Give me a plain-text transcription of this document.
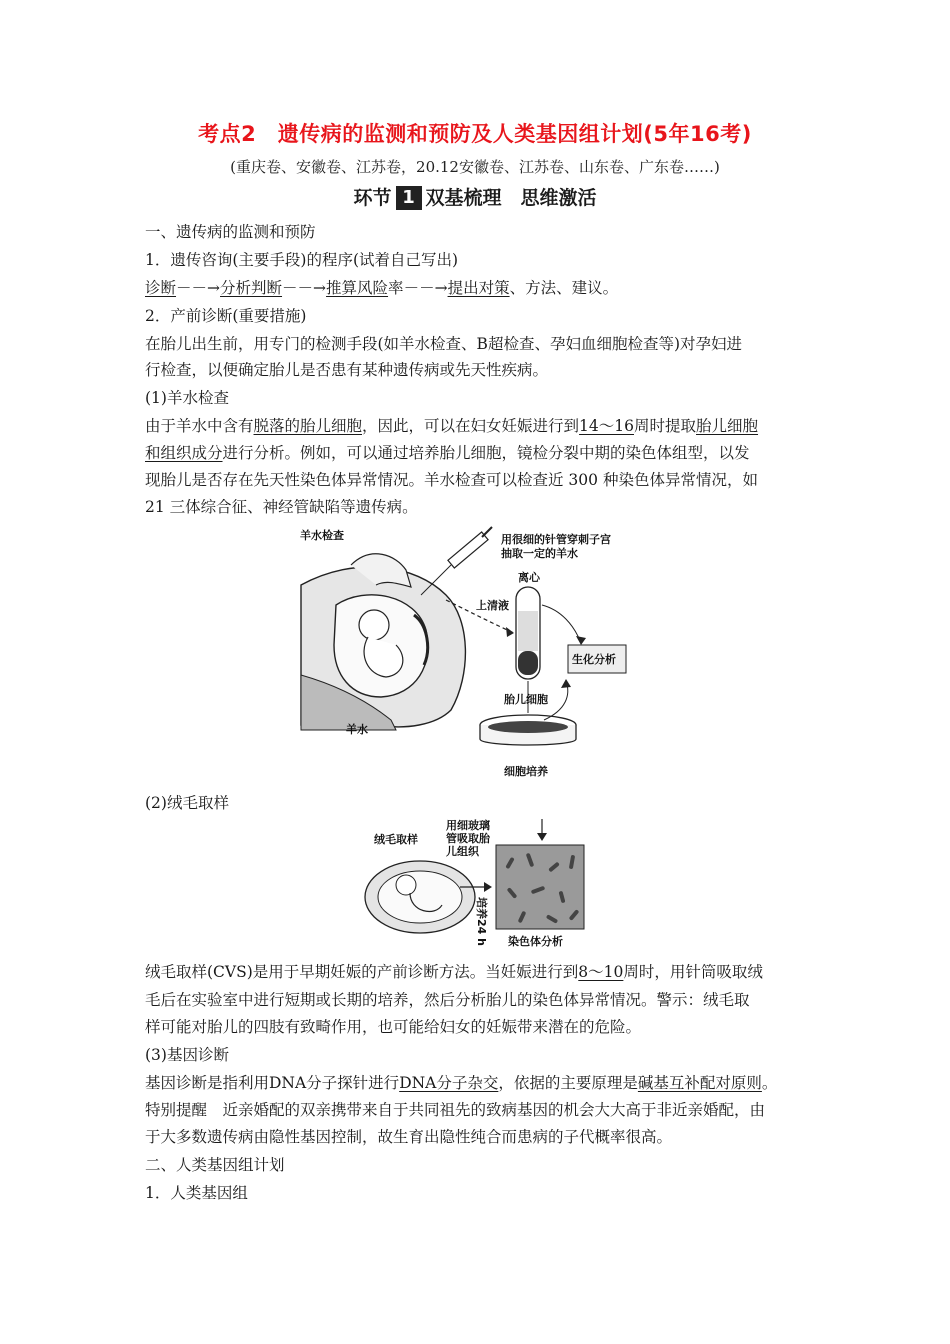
考点2　遗传病的监测和预防及人类基因组计划(5年16考)
(重庆卷、安徽卷、江苏卷，20.12安徽卷、江苏卷、山东卷、广东卷……)
环节 1 双基梳理　思维激活
一、遗传病的监测和预防
1．遗传咨询(主要手段)的程序(试着自己写出)
诊断－－→分析判断－－→推算风险率－－→提出对策、方法、建议。
2．产前诊断(重要措施)
在胎儿出生前，用专门的检测手段(如羊水检查、B超检查、孕妇血细胞检查等)对孕妇进
行检查，以便确定胎儿是否患有某种遗传病或先天性疾病。
(1)羊水检查
由于羊水中含有脱落的胎儿细胞，因此，可以在妇女妊娠进行到14～16周时提取胎儿细胞
和组织成分进行分析。例如，可以通过培养胎儿细胞，镜检分裂中期的染色体组型，以发
现胎儿是否存在先天性染色体异常情况。羊水检查可以检查近 300 种染色体异常情况，如
21 三体综合征、神经管缺陷等遗传病。
羊水检查	用很细的针管穿刺子宫
抽取一定的羊水
离心
上清液
生化分析
胎儿细胞
羊水
细胞培养
(2)绒毛取样
绒毛取样
用细玻璃
管吸取胎
儿组织
培养24 h 染色体分析
绒毛取样(CVS)是用于早期妊娠的产前诊断方法。当妊娠进行到8～10周时，用针筒吸取绒
毛后在实验室中进行短期或长期的培养，然后分析胎儿的染色体异常情况。警示：绒毛取
样可能对胎儿的四肢有致畸作用，也可能给妇女的妊娠带来潜在的危险。
(3)基因诊断
基因诊断是指利用DNA分子探针进行DNA分子杂交，依据的主要原理是碱基互补配对原则。
特别提醒　近亲婚配的双亲携带来自于共同祖先的致病基因的机会大大高于非近亲婚配，由
于大多数遗传病由隐性基因控制，故生育出隐性纯合而患病的子代概率很高。
二、人类基因组计划
1．人类基因组
